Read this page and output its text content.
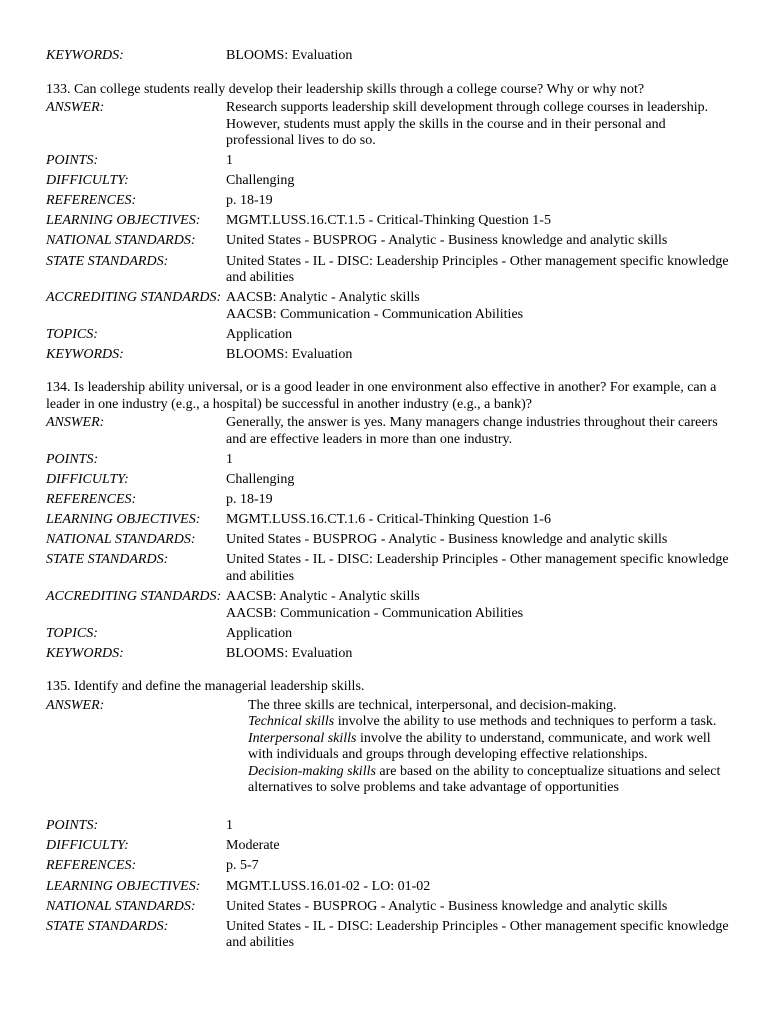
KEYWORDS:	BLOOMS: Evaluation
133. Can college students really develop their leadership skills through a college course? Why or why not?
ANSWER:	Research supports leadership skill development through college courses in leadership. However, students must apply the skills in the course and in their personal and professional lives to do so.
POINTS:	1
DIFFICULTY:	Challenging
REFERENCES:	p. 18-19
LEARNING OBJECTIVES:	MGMT.LUSS.16.CT.1.5 - Critical-Thinking Question 1-5
NATIONAL STANDARDS:	United States - BUSPROG - Analytic - Business knowledge and analytic skills
STATE STANDARDS:	United States - IL - DISC: Leadership Principles - Other management specific knowledge and abilities
ACCREDITING STANDARDS: AACSB: Analytic - Analytic skills
AACSB: Communication - Communication Abilities
TOPICS:	Application
KEYWORDS:	BLOOMS: Evaluation
134. Is leadership ability universal, or is a good leader in one environment also effective in another? For example, can a leader in one industry (e.g., a hospital) be successful in another industry (e.g., a bank)?
ANSWER:	Generally, the answer is yes. Many managers change industries throughout their careers and are effective leaders in more than one industry.
POINTS:	1
DIFFICULTY:	Challenging
REFERENCES:	p. 18-19
LEARNING OBJECTIVES:	MGMT.LUSS.16.CT.1.6 - Critical-Thinking Question 1-6
NATIONAL STANDARDS:	United States - BUSPROG - Analytic - Business knowledge and analytic skills
STATE STANDARDS:	United States - IL - DISC: Leadership Principles - Other management specific knowledge and abilities
ACCREDITING STANDARDS: AACSB: Analytic - Analytic skills
AACSB: Communication - Communication Abilities
TOPICS:	Application
KEYWORDS:	BLOOMS: Evaluation
135. Identify and define the managerial leadership skills.
ANSWER:	The three skills are technical, interpersonal, and decision-making.
Technical skills involve the ability to use methods and techniques to perform a task.
Interpersonal skills involve the ability to understand, communicate, and work well with individuals and groups through developing effective relationships.
Decision-making skills are based on the ability to conceptualize situations and select alternatives to solve problems and take advantage of opportunities
POINTS:	1
DIFFICULTY:	Moderate
REFERENCES:	p. 5-7
LEARNING OBJECTIVES:	MGMT.LUSS.16.01-02 - LO: 01-02
NATIONAL STANDARDS:	United States - BUSPROG - Analytic - Business knowledge and analytic skills
STATE STANDARDS:	United States - IL - DISC: Leadership Principles - Other management specific knowledge and abilities
